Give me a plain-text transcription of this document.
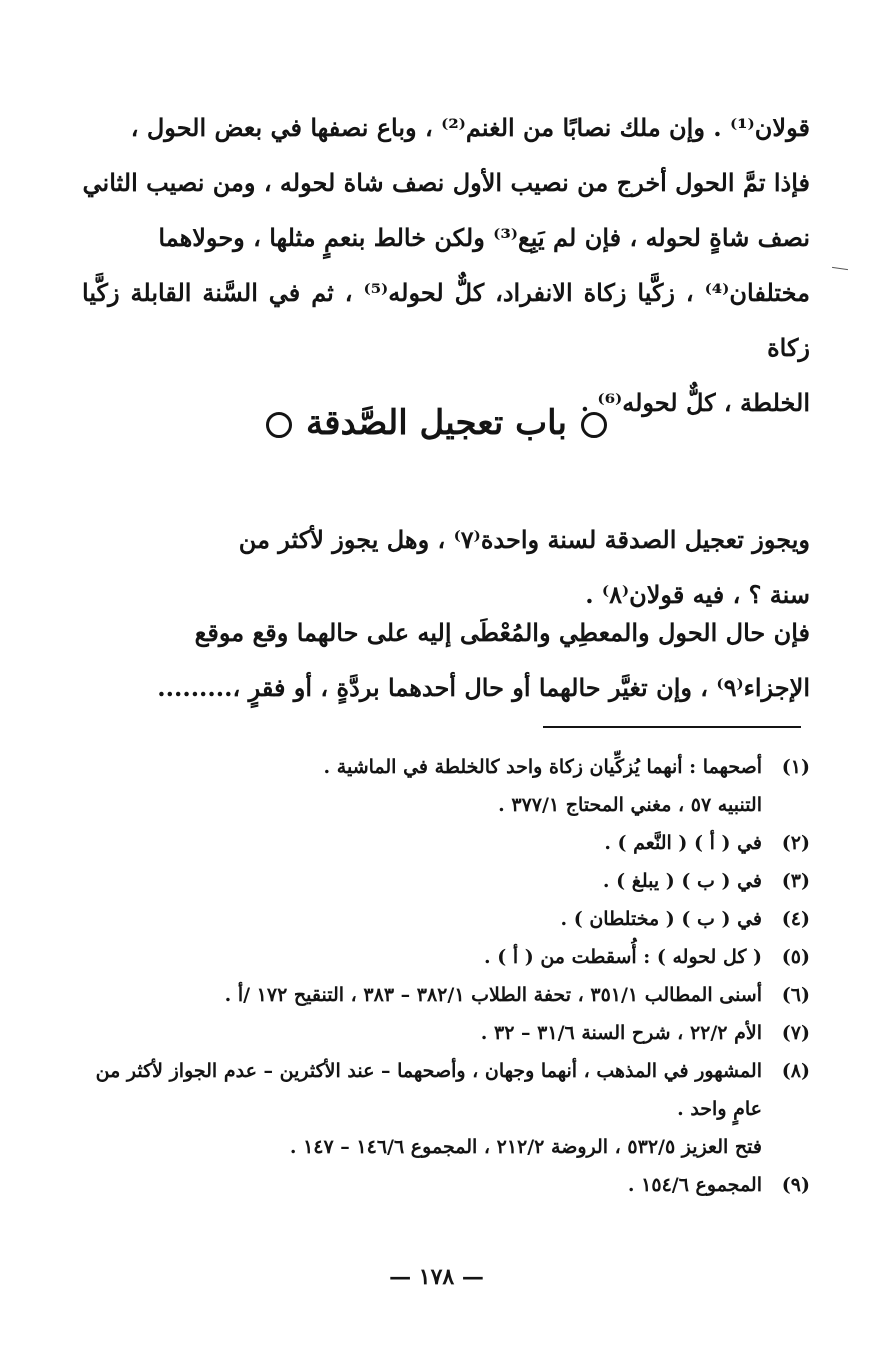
قولان⁽¹⁾ . وإن ملك نصابًا من الغنم⁽²⁾ ، وباع نصفها في بعض الحول ،
فإذا تمَّ الحول أخرج من نصيب الأول نصف شاة لحوله ، ومن نصيب الثاني
نصف شاةٍ لحوله ، فإن لم يَبِع⁽³⁾ ولكن خالط بنعمٍ مثلها ، وحولاهما
مختلفان⁽⁴⁾ ، زكَّيا زكاة الانفراد، كلٌّ لحوله⁽⁵⁾ ، ثم في السَّنة القابلة زكَّيا زكاة
الخلطة ، كلٌّ لحوله⁽⁶⁾ .
باب تعجيل الصَّدقة
ويجوز تعجيل الصدقة لسنة واحدة⁽٧⁾ ، وهل يجوز لأكثر من
سنة ؟ ، فيه قولان⁽٨⁾ .
فإن حال الحول والمعطِي والمُعْطَى إليه على حالهما وقع موقع
الإجزاء⁽٩⁾ ، وإن تغيَّر حالهما أو حال أحدهما بردَّةٍ ، أو فقرٍ ،.........
(١)
أصحهما : أنهما يُزكِّيان زكاة واحد كالخلطة في الماشية .
التنبيه ٥٧ ، مغني المحتاج ٣٧٧/١ .
(٢)
في ( أ ) ( النَّعم ) .
(٣)
في ( ب ) ( يبلغ ) .
(٤)
في ( ب ) ( مختلطان ) .
(٥)
( كل لحوله ) : أُسقطت من ( أ ) .
(٦)
أسنى المطالب ٣٥١/١ ، تحفة الطلاب ٣٨٢/١ – ٣٨٣ ، التنقيح ١٧٢ /أ .
(٧)
الأم ٢٢/٢ ، شرح السنة ٣١/٦ – ٣٢ .
(٨)
المشهور في المذهب ، أنهما وجهان ، وأصحهما – عند الأكثرين – عدم الجواز لأكثر من عامٍ واحد .
فتح العزيز ٥٣٢/٥ ، الروضة ٢١٢/٢ ، المجموع ١٤٦/٦ – ١٤٧ .
(٩)
المجموع ١٥٤/٦ .
— ١٧٨ —
